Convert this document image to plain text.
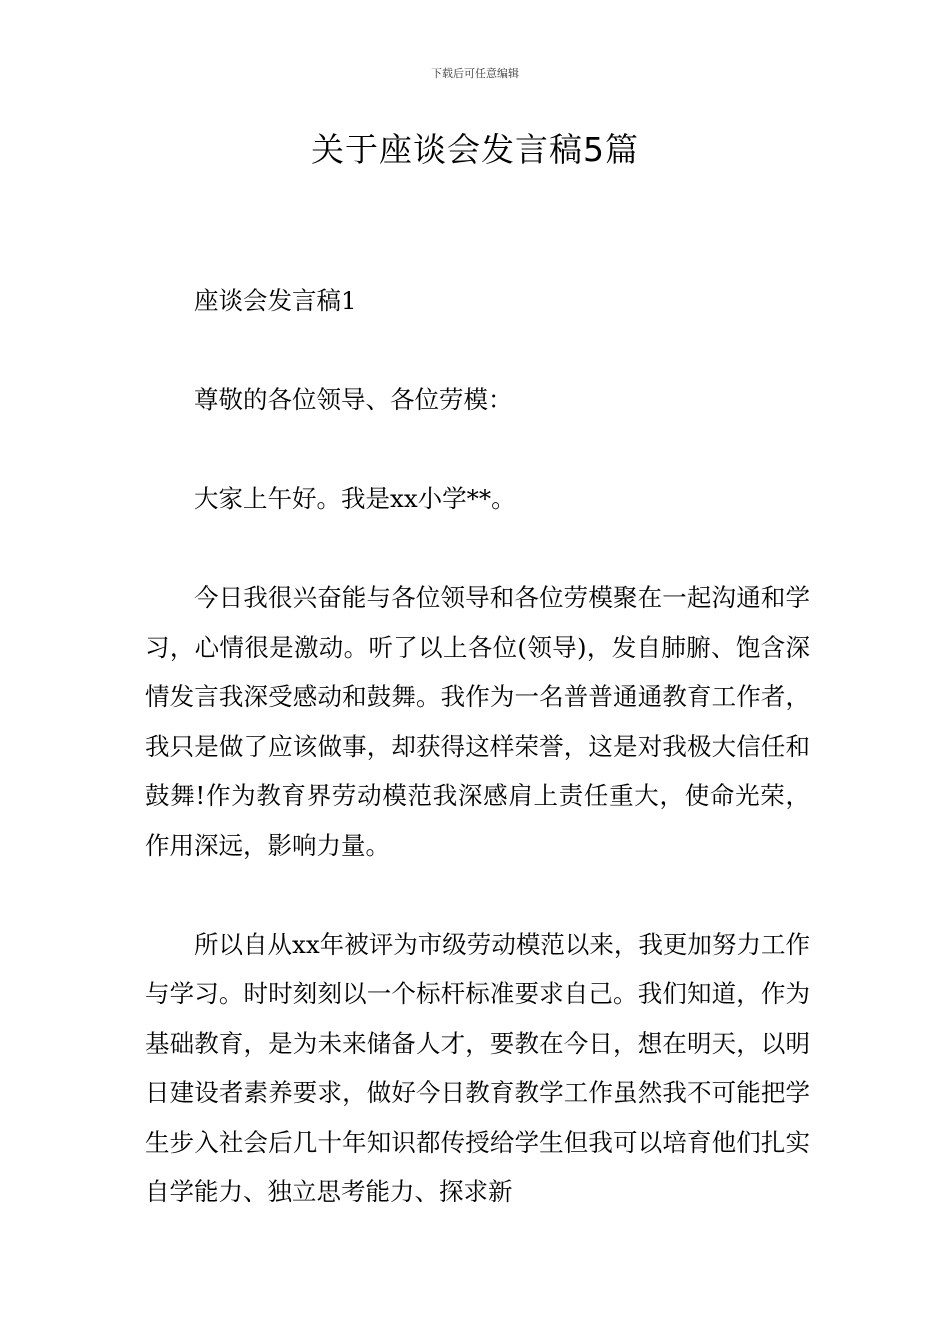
下载后可任意编辑
关于座谈会发言稿5篇

座谈会发言稿1

尊敬的各位领导、各位劳模：

大家上午好。我是xx小学**。

今日我很兴奋能与各位领导和各位劳模聚在一起沟通和学习，心情很是激动。听了以上各位(领导)，发自肺腑、饱含深情发言我深受感动和鼓舞。我作为一名普普通通教育工作者，我只是做了应该做事，却获得这样荣誉，这是对我极大信任和鼓舞!作为教育界劳动模范我深感肩上责任重大，使命光荣，作用深远，影响力量。

所以自从xx年被评为市级劳动模范以来，我更加努力工作与学习。时时刻刻以一个标杆标准要求自己。我们知道，作为基础教育，是为未来储备人才，要教在今日，想在明天，以明日建设者素养要求，做好今日教育教学工作虽然我不可能把学生步入社会后几十年知识都传授给学生但我可以培育他们扎实自学能力、独立思考能力、探求新
